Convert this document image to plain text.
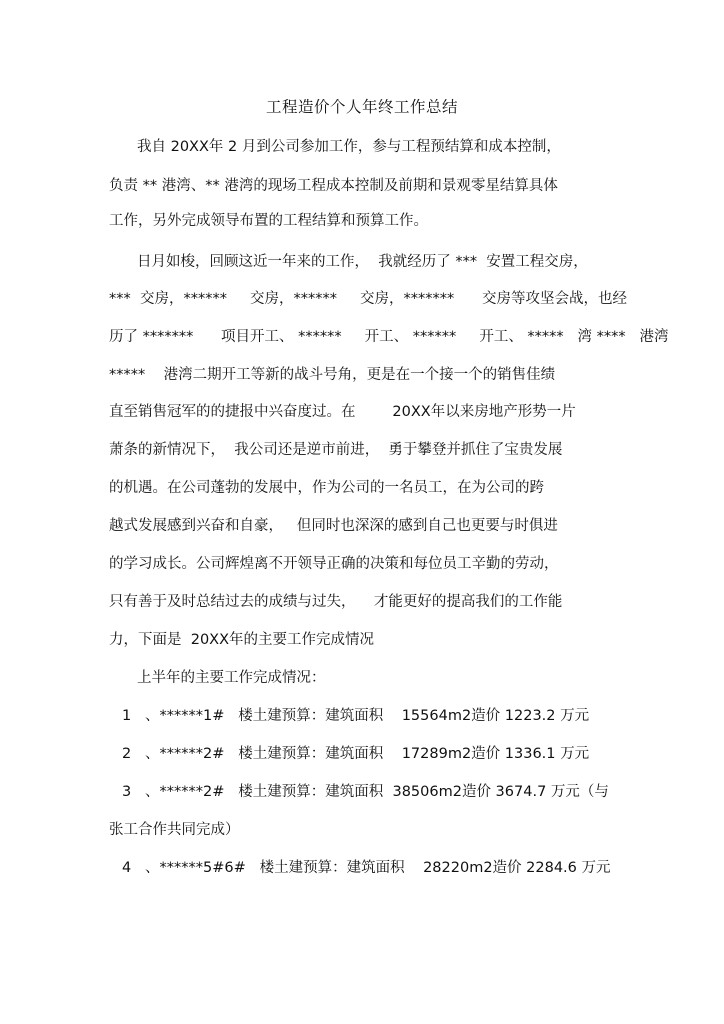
工程造价个人年终工作总结

我自 20XX年 2 月到公司参加工作，参与工程预结算和成本控制，

负责 ** 港湾、** 港湾的现场工程成本控制及前期和景观零星结算具体

工作，另外完成领导布置的工程结算和预算工作。

日月如梭，回顾这近一年来的工作，  我就经历了 ***  安置工程交房，

***  交房，******     交房，******     交房，*******      交房等攻坚会战，也经

历了 *******      项目开工、 ******     开工、 ******     开工、 *****   湾 ****   港湾

*****    港湾二期开工等新的战斗号角，更是在一个接一个的销售佳绩

直至销售冠军的的捷报中兴奋度过。在        20XX年以来房地产形势一片

萧条的新情况下，  我公司还是逆市前进，  勇于攀登并抓住了宝贵发展

的机遇。在公司蓬勃的发展中，作为公司的一名员工，在为公司的跨

越式发展感到兴奋和自豪，   但同时也深深的感到自己也更要与时俱进

的学习成长。公司辉煌离不开领导正确的决策和每位员工辛勤的劳动，

只有善于及时总结过去的成绩与过失，    才能更好的提高我们的工作能

力，下面是  20XX年的主要工作完成情况

上半年的主要工作完成情况：

1   、******1#   楼土建预算：建筑面积    15564m2造价 1223.2 万元

2   、******2#   楼土建预算：建筑面积    17289m2造价 1336.1 万元

3   、******2#   楼土建预算：建筑面积  38506m2造价 3674.7 万元（与

张工合作共同完成）

4   、******5#6#   楼土建预算：建筑面积    28220m2造价 2284.6 万元
